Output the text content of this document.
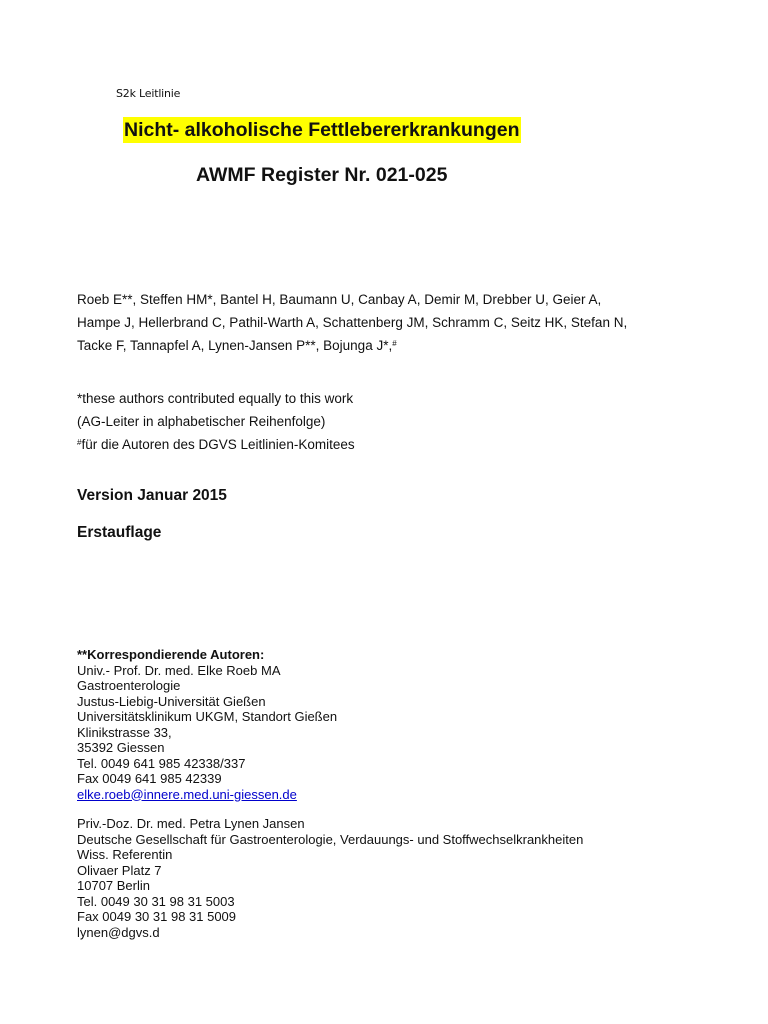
S2k Leitlinie
Nicht- alkoholische Fettlebererkrankungen
AWMF Register Nr. 021-025
Roeb E**, Steffen HM*, Bantel H, Baumann U, Canbay A, Demir M, Drebber U, Geier A,
Hampe J, Hellerbrand C, Pathil-Warth A, Schattenberg JM, Schramm C, Seitz HK, Stefan N,
Tacke F, Tannapfel A, Lynen-Jansen P**, Bojunga J*,#
*these authors contributed equally to this work
(AG-Leiter in alphabetischer Reihenfolge)
#für die Autoren des DGVS Leitlinien-Komitees
Version Januar 2015
Erstauflage
**Korrespondierende Autoren:
Univ.- Prof. Dr. med. Elke Roeb MA
Gastroenterologie
Justus-Liebig-Universität Gießen
Universitätsklinikum UKGM, Standort Gießen
Klinikstrasse 33,
35392 Giessen
Tel. 0049 641 985 42338/337
Fax 0049 641 985 42339
elke.roeb@innere.med.uni-giessen.de
Priv.-Doz. Dr. med. Petra Lynen Jansen
Deutsche Gesellschaft für Gastroenterologie, Verdauungs- und Stoffwechselkrankheiten
Wiss. Referentin
Olivaer Platz 7
10707 Berlin
Tel. 0049 30 31 98 31 5003
Fax 0049 30 31 98 31 5009
lynen@dgvs.d
